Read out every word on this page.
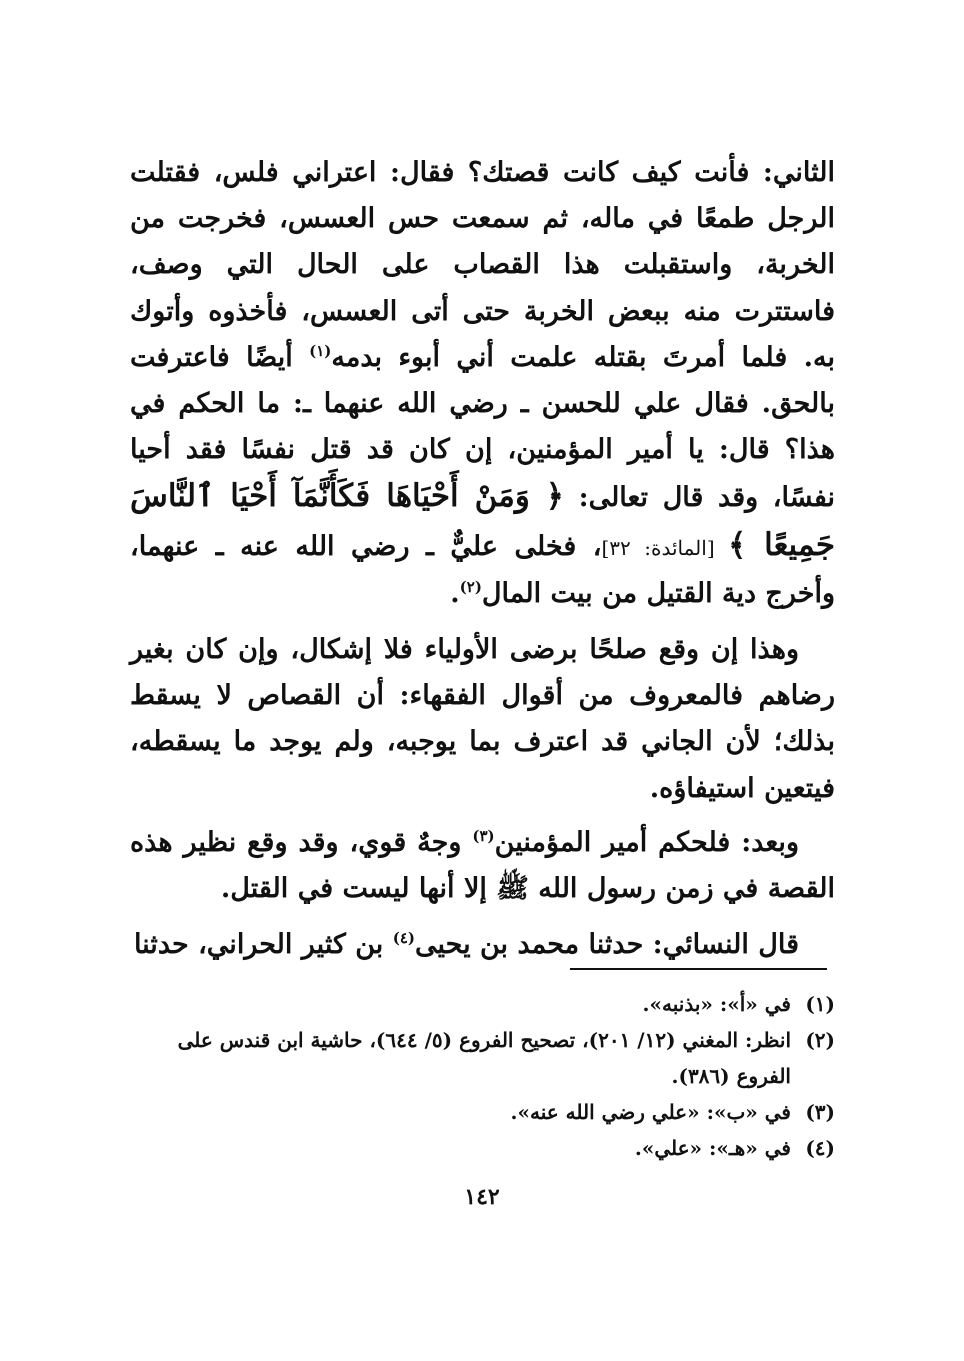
الثاني: فأنت كيف كانت قصتك؟ فقال: اعتراني فلس، فقتلت الرجل طمعًا في ماله، ثم سمعت حس العسس، فخرجت من الخربة، واستقبلت هذا القصاب على الحال التي وصف، فاستترت منه ببعض الخربة حتى أتى العسس، فأخذوه وأتوك به. فلما أمرتَ بقتله علمت أني أبوء بدمه$^{(١)}$ أيضًا فاعترفت بالحق. فقال علي للحسن ـ رضي الله عنهما ـ: ما الحكم في هذا؟ قال: يا أمير المؤمنين، إن كان قد قتل نفسًا فقد أحيا نفسًا، وقد قال تعالى: ﴿ وَمَنْ أَحْيَاهَا فَكَأَنَّمَآ أَحْيَا ٱلنَّاسَ جَمِيعًا ﴾ [المائدة: ٣٢]، فخلى عليٌّ ـ رضي الله عنه ـ عنهما، وأخرج دية القتيل من بيت المال$^{(٢)}$.

وهذا إن وقع صلحًا برضى الأولياء فلا إشكال، وإن كان بغير رضاهم فالمعروف من أقوال الفقهاء: أن القصاص لا يسقط بذلك؛ لأن الجاني قد اعترف بما يوجبه، ولم يوجد ما يسقطه، فيتعين استيفاؤه.

وبعد: فلحكم أمير المؤمنين$^{(٣)}$ وجهٌ قوي، وقد وقع نظير هذه القصة في زمن رسول الله ﷺ إلا أنها ليست في القتل.

قال النسائي: حدثنا محمد بن يحيى$^{(٤)}$ بن كثير الحراني، حدثنا

(١)
في «أ»: «بذنبه».
(٢)
انظر: المغني (١٢/ ٢٠١)، تصحيح الفروع (٥/ ٦٤٤)، حاشية ابن قندس على الفروع (٣٨٦).
(٣)
في «ب»: «علي رضي الله عنه».
(٤)
في «هـ»: «علي».
١٤٢
